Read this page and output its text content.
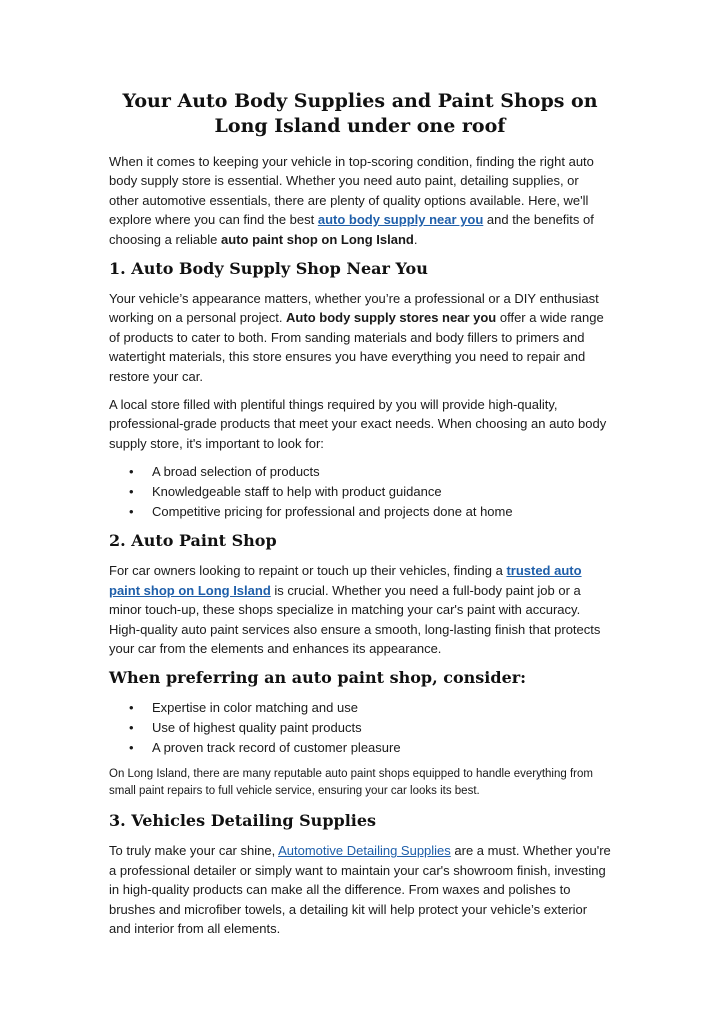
Your Auto Body Supplies and Paint Shops on Long Island under one roof

When it comes to keeping your vehicle in top-scoring condition, finding the right auto body supply store is essential. Whether you need auto paint, detailing supplies, or other automotive essentials, there are plenty of quality options available. Here, we'll explore where you can find the best auto body supply near you and the benefits of choosing a reliable auto paint shop on Long Island.

1. Auto Body Supply Shop Near You

Your vehicle’s appearance matters, whether you’re a professional or a DIY enthusiast working on a personal project. Auto body supply stores near you offer a wide range of products to cater to both. From sanding materials and body fillers to primers and watertight materials, this store ensures you have everything you need to repair and restore your car.

A local store filled with plentiful things required by you will provide high-quality, professional-grade products that meet your exact needs. When choosing an auto body supply store, it's important to look for:

• A broad selection of products
• Knowledgeable staff to help with product guidance
• Competitive pricing for professional and projects done at home
2. Auto Paint Shop

For car owners looking to repaint or touch up their vehicles, finding a trusted auto paint shop on Long Island is crucial. Whether you need a full-body paint job or a minor touch-up, these shops specialize in matching your car's paint with accuracy. High-quality auto paint services also ensure a smooth, long-lasting finish that protects your car from the elements and enhances its appearance.

When preferring an auto paint shop, consider:
• Expertise in color matching and use
• Use of highest quality paint products
• A proven track record of customer pleasure

On Long Island, there are many reputable auto paint shops equipped to handle everything from small paint repairs to full vehicle service, ensuring your car looks its best.

3. Vehicles Detailing Supplies

To truly make your car shine, Automotive Detailing Supplies are a must. Whether you're a professional detailer or simply want to maintain your car's showroom finish, investing in high-quality products can make all the difference. From waxes and polishes to brushes and microfiber towels, a detailing kit will help protect your vehicle’s exterior and interior from all elements.
